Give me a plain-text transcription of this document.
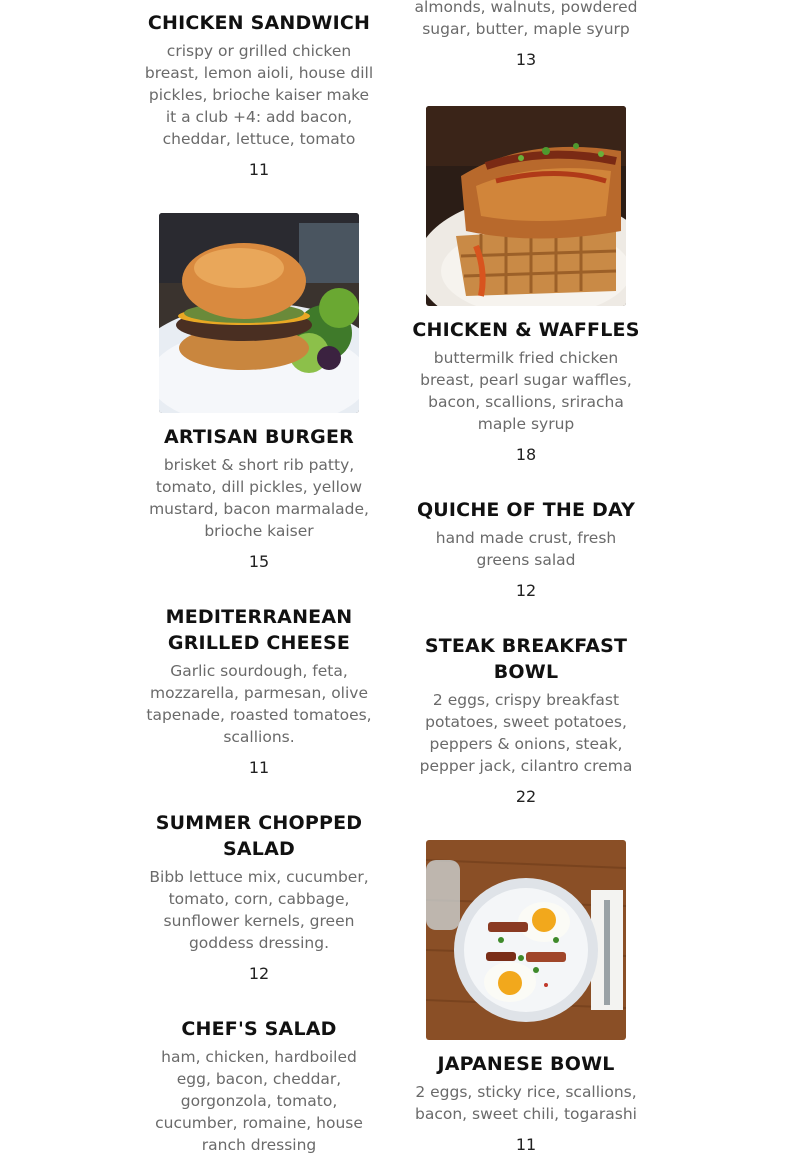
CHICKEN SANDWICH

crispy or grilled chicken breast, lemon aioli, house dill pickles, brioche kaiser make it a club +4: add bacon, cheddar, lettuce, tomato

11

ARTISAN BURGER

brisket & short rib patty, tomato, dill pickles, yellow mustard, bacon marmalade, brioche kaiser

15

MEDITERRANEAN GRILLED CHEESE

Garlic sourdough, feta, mozzarella, parmesan, olive tapenade, roasted tomatoes, scallions.

11

SUMMER CHOPPED SALAD

Bibb lettuce mix, cucumber, tomato, corn, cabbage, sunflower kernels, green goddess dressing.

12

CHEF'S SALAD

ham, chicken, hardboiled egg, bacon, cheddar, gorgonzola, tomato, cucumber, romaine, house ranch dressing

almonds, walnuts, powdered sugar, butter, maple syurp

13

CHICKEN & WAFFLES

buttermilk fried chicken breast, pearl sugar waffles, bacon, scallions, sriracha maple syrup

18

QUICHE OF THE DAY

hand made crust, fresh greens salad

12

STEAK BREAKFAST BOWL

2 eggs, crispy breakfast potatoes, sweet potatoes, peppers & onions, steak, pepper jack, cilantro crema

22

JAPANESE BOWL

2 eggs, sticky rice, scallions, bacon, sweet chili, togarashi

11
